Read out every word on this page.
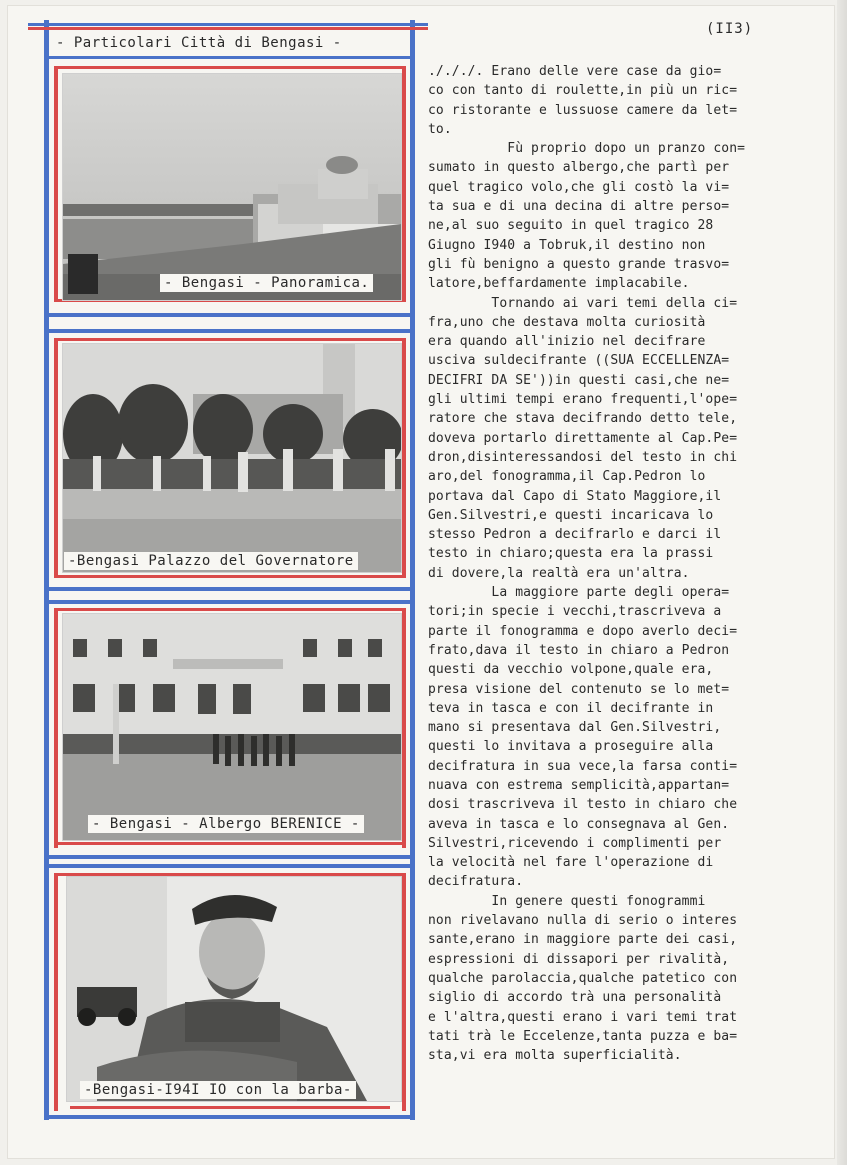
- Particolari Città di Bengasi -
- Bengasi - Panoramica.
-Bengasi Palazzo del Governatore
- Bengasi - Albergo BERENICE -
-Bengasi-I94I IO con la barba-
(II3)
./././. Erano delle vere case da gio=
co con tanto di roulette,in più un ric=
co ristorante e lussuose camere da let=
to.
Fù proprio dopo un pranzo con=
sumato in questo albergo,che partì per
quel tragico volo,che gli costò la vi=
ta sua e di una decina di altre perso=
ne,al suo seguito in quel tragico 28
Giugno I940 a Tobruk,il destino non
gli fù benigno a questo grande trasvo=
latore,beffardamente implacabile.
Tornando ai vari temi della ci=
fra,uno che destava molta curiosità
era quando all'inizio nel decifrare
usciva suldecifrante ((SUA ECCELLENZA=
DECIFRI DA SE'))in questi casi,che ne=
gli ultimi tempi erano frequenti,l'ope=
ratore che stava decifrando detto tele,
doveva portarlo direttamente al Cap.Pe=
dron,disinteressandosi del testo in chi
aro,del fonogramma,il Cap.Pedron lo
portava dal Capo di Stato Maggiore,il
Gen.Silvestri,e questi incaricava lo
stesso Pedron a decifrarlo e darci il
testo in chiaro;questa era la prassi
di dovere,la realtà era un'altra.
La maggiore parte degli opera=
tori;in specie i vecchi,trascriveva a
parte il fonogramma e dopo averlo deci=
frato,dava il testo in chiaro a Pedron
questi da vecchio volpone,quale era,
presa visione del contenuto se lo met=
teva in tasca e con il decifrante in
mano si presentava dal Gen.Silvestri,
questi lo invitava a proseguire alla
decifratura in sua vece,la farsa conti=
nuava con estrema semplicità,appartan=
dosi trascriveva il testo in chiaro che
aveva in tasca e lo consegnava al Gen.
Silvestri,ricevendo i complimenti per
la velocità nel fare l'operazione di
decifratura.
In genere questi fonogrammi
non rivelavano nulla di serio o interes
sante,erano in maggiore parte dei casi,
espressioni di dissapori per rivalità,
qualche parolaccia,qualche patetico con
siglio di accordo trà una personalità
e l'altra,questi erano i vari temi trat
tati trà le Eccelenze,tanta puzza e ba=
sta,vi era molta superficialità.
